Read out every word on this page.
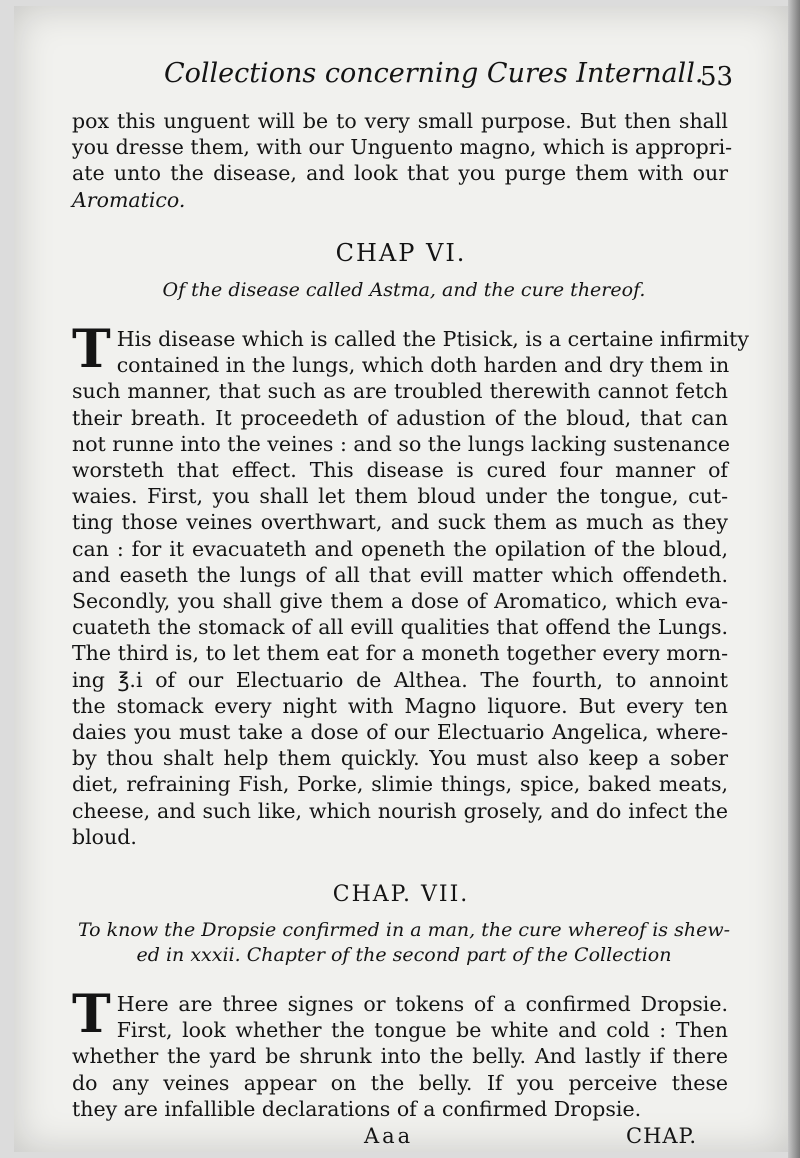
Collections concerning Cures Internall.
53
pox this unguent will be to very small purpose. But then shall
you dresse them, with our Unguento magno, which is appropri-
ate unto the disease, and look that you purge them with our
Aromatico.
CHAP VI.
Of the disease called Astma, and the cure thereof.
T His disease which is called the Ptisick, is a certaine infirmity
contained in the lungs, which doth harden and dry them in
such manner, that such as are troubled therewith cannot fetch
their breath. It proceedeth of adustion of the bloud, that can
not runne into the veines : and so the lungs lacking sustenance
worsteth that effect. This disease is cured four manner of
waies. First, you shall let them bloud under the tongue, cut-
ting those veines overthwart, and suck them as much as they
can : for it evacuateth and openeth the opilation of the bloud,
and easeth the lungs of all that evill matter which offendeth.
Secondly, you shall give them a dose of Aromatico, which eva-
cuateth the stomack of all evill qualities that offend the Lungs.
The third is, to let them eat for a moneth together every morn-
ing ℥.i of our Electuario de Althea. The fourth, to annoint
the stomack every night with Magno liquore. But every ten
daies you must take a dose of our Electuario Angelica, where-
by thou shalt help them quickly. You must also keep a sober
diet, refraining Fish, Porke, slimie things, spice, baked meats,
cheese, and such like, which nourish grosely, and do infect the
bloud.
CHAP. VII.
To know the Dropsie confirmed in a man, the cure whereof is shew-
ed in xxxii. Chapter of the second part of the Collection
T Here are three signes or tokens of a confirmed Dropsie.
First, look whether the tongue be white and cold : Then
whether the yard be shrunk into the belly. And lastly if there
do any veines appear on the belly. If you perceive these
they are infallible declarations of a confirmed Dropsie.
Aaa	CHAP.
